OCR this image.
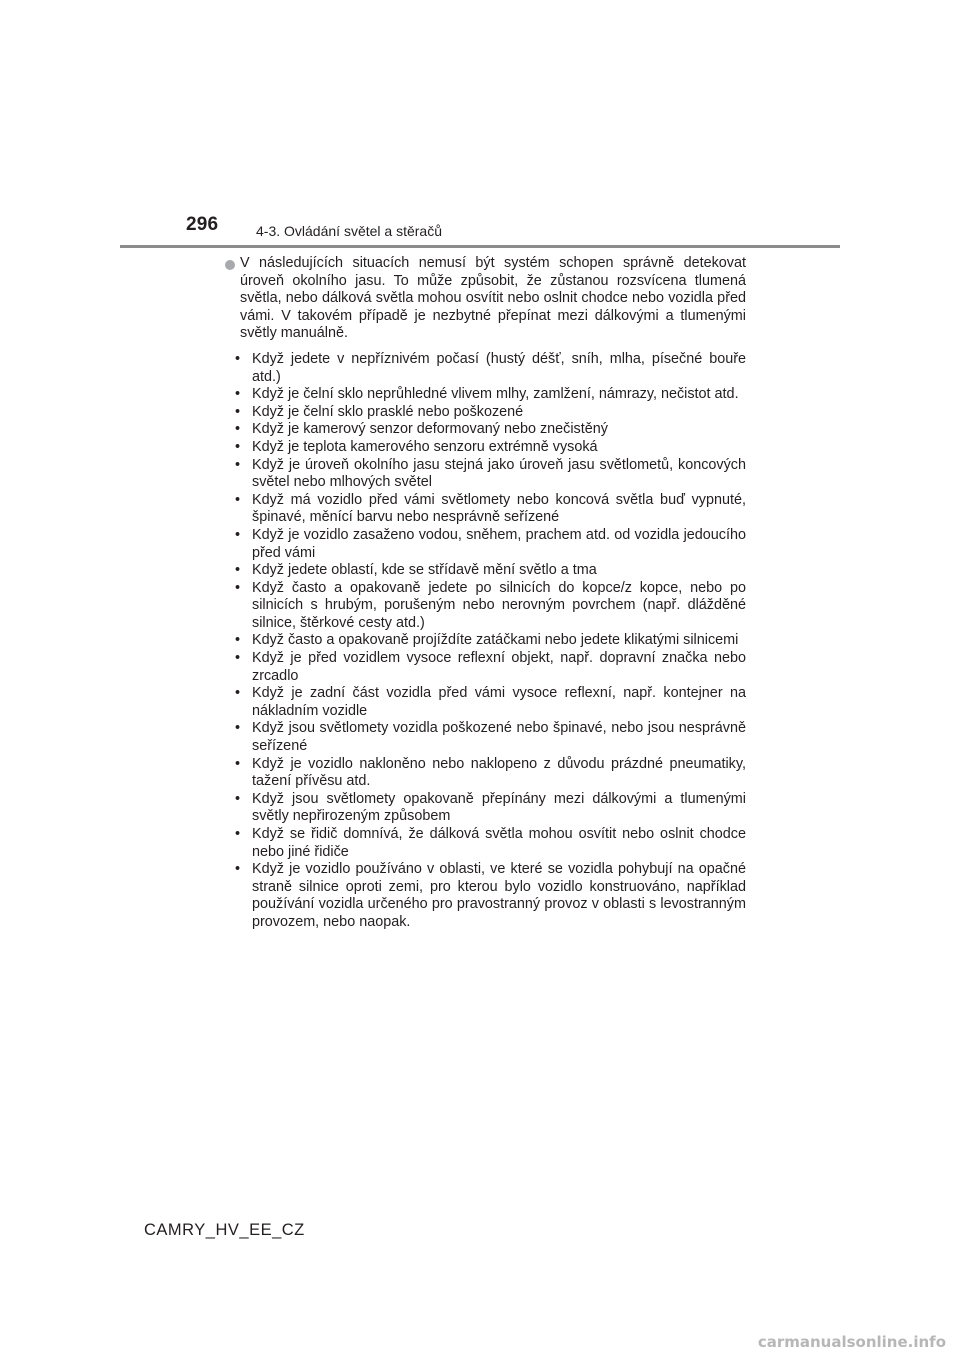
296	4-3. Ovládání světel a stěračů

V následujících situacích nemusí být systém schopen správně detekovat úroveň okolního jasu. To může způsobit, že zůstanou rozsvícena tlumená světla, nebo dálková světla mohou osvítit nebo oslnit chodce nebo vozidla před vámi. V takovém případě je nezbytné přepínat mezi dálkovými a tlumenými světly manuálně.

• Když jedete v nepříznivém počasí (hustý déšť, sníh, mlha, písečné bouře atd.)
• Když je čelní sklo neprůhledné vlivem mlhy, zamlžení, námrazy, nečistot atd.
• Když je čelní sklo prasklé nebo poškozené
• Když je kamerový senzor deformovaný nebo znečistěný
• Když je teplota kamerového senzoru extrémně vysoká
• Když je úroveň okolního jasu stejná jako úroveň jasu světlometů, koncových světel nebo mlhových světel
• Když má vozidlo před vámi světlomety nebo koncová světla buď vypnuté, špinavé, měnící barvu nebo nesprávně seřízené
• Když je vozidlo zasaženo vodou, sněhem, prachem atd. od vozidla jedoucího před vámi
• Když jedete oblastí, kde se střídavě mění světlo a tma
• Když často a opakovaně jedete po silnicích do kopce/z kopce, nebo po silnicích s hrubým, porušeným nebo nerovným povrchem (např. dlážděné silnice, štěrkové cesty atd.)
• Když často a opakovaně projíždíte zatáčkami nebo jedete klikatými silnicemi
• Když je před vozidlem vysoce reflexní objekt, např. dopravní značka nebo zrcadlo
• Když je zadní část vozidla před vámi vysoce reflexní, např. kontejner na nákladním vozidle
• Když jsou světlomety vozidla poškozené nebo špinavé, nebo jsou nesprávně seřízené
• Když je vozidlo nakloněno nebo naklopeno z důvodu prázdné pneumatiky, tažení přívěsu atd.
• Když jsou světlomety opakovaně přepínány mezi dálkovými a tlumenými světly nepřirozeným způsobem
• Když se řidič domnívá, že dálková světla mohou osvítit nebo oslnit chodce nebo jiné řidiče
• Když je vozidlo používáno v oblasti, ve které se vozidla pohybují na opačné straně silnice oproti zemi, pro kterou bylo vozidlo konstruováno, například používání vozidla určeného pro pravostranný provoz v oblasti s levostranným provozem, nebo naopak.
CAMRY_HV_EE_CZ
carmanualsonline.info
